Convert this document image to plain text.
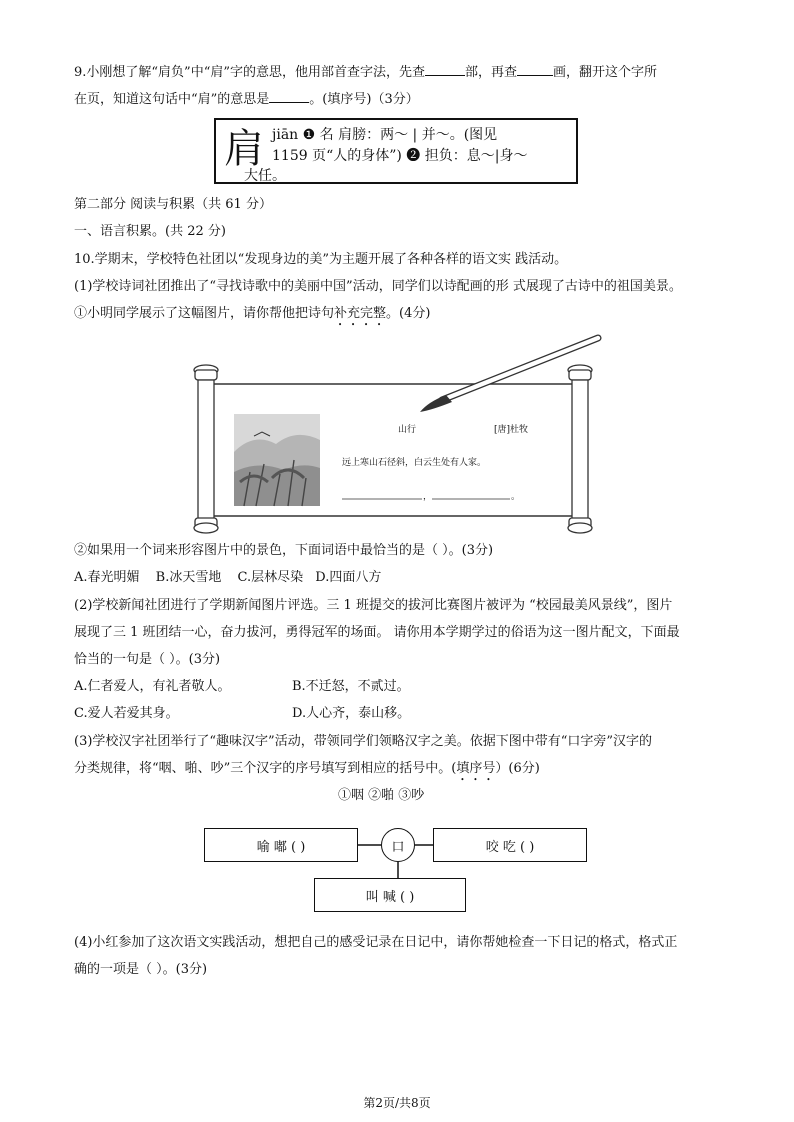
9.小刚想了解“肩负”中“肩”字的意思，他用部首查字法，先查	部，再查	画，翻开这个字所
在页，知道这句话中“肩”的意思是	。(填序号)（3分）
肩 jiān ❶ 名 肩膀：两～ | 并～。(图见
1159 页“人的身体”) ❷ 担负：息～|身～
大任。
第二部分 阅读与积累（共 61 分）
一、语言积累。(共 22 分)
10.学期末，学校特色社团以“发现身边的美”为主题开展了各种各样的语文实 践活动。
(1)学校诗词社团推出了“寻找诗歌中的美丽中国”活动，同学们以诗配画的形 式展现了古诗中的祖国美景。
①小明同学展示了这幅图片，请你帮他把诗句补充完整。(4分)
山行	[唐]杜牧
远上寒山石径斜，白云生处有人家。
，	。
②如果用一个词来形容图片中的景色，下面词语中最恰当的是（ ）。(3分)
A.春光明媚 B.冰天雪地 C.层林尽染 D.四面八方
(2)学校新闻社团进行了学期新闻图片评选。三 1 班提交的拔河比赛图片被评为 “校园最美风景线”，图片
展现了三 1 班团结一心，奋力拔河，勇得冠军的场面。 请你用本学期学过的俗语为这一图片配文，下面最
恰当的一句是（ ）。(3分)
A.仁者爱人，有礼者敬人。	B.不迁怒，不贰过。
C.爱人若爱其身。	D.人心齐，泰山移。
(3)学校汉字社团举行了“趣味汉字”活动，带领同学们领略汉字之美。依据下图中带有“口字旁”汉字的
分类规律，将“咽、啪、吵”三个汉字的序号填写到相应的括号中。(填序号）(6分)
①咽 ②啪 ③吵
喻 嘟 ( )	口	咬 吃 ( )
叫 喊 ( )
(4)小红参加了这次语文实践活动，想把自己的感受记录在日记中，请你帮她检查一下日记的格式，格式正
确的一项是（ ）。(3分)
第2页/共8页
